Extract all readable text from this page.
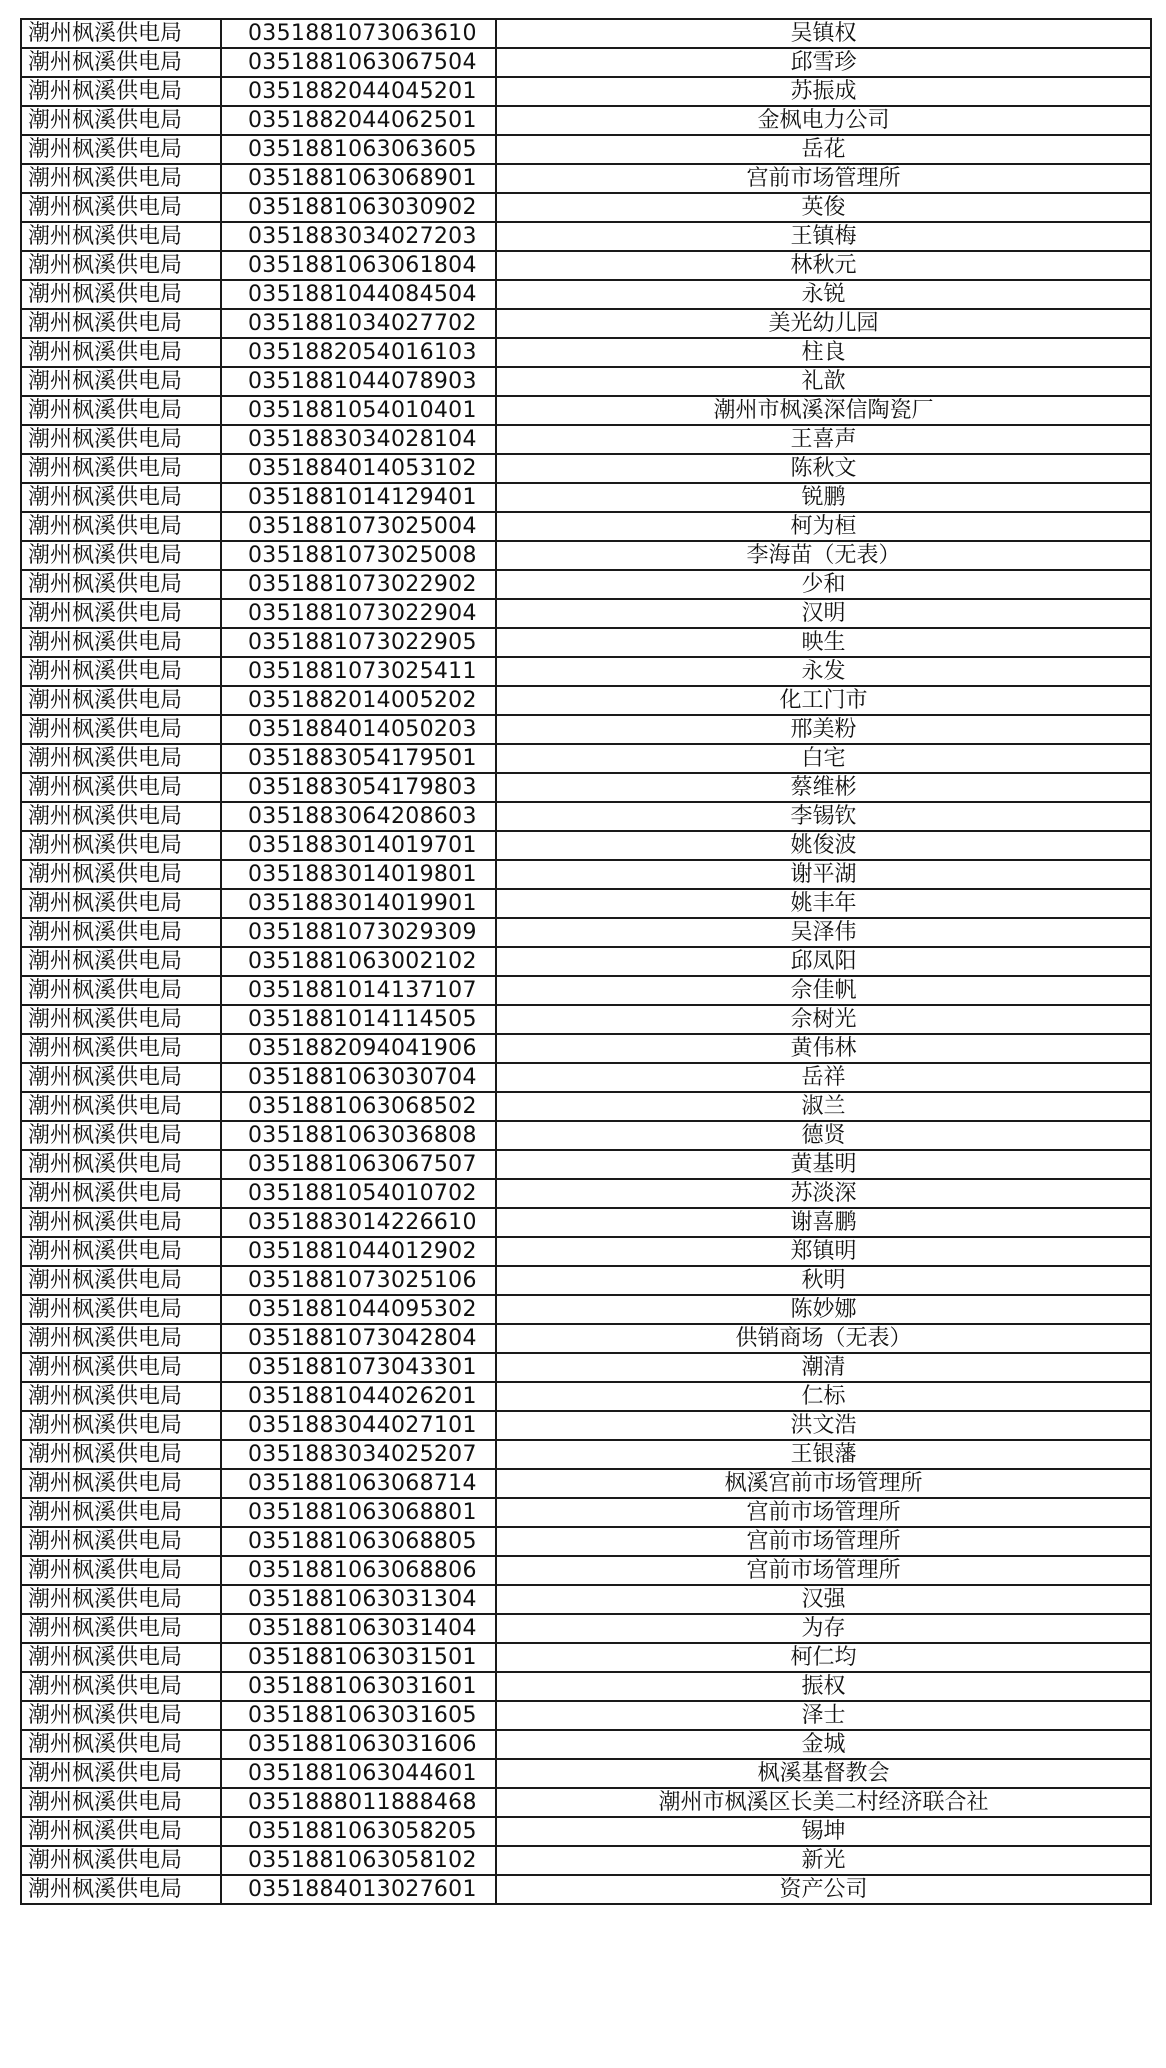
潮州枫溪供电局	0351881073063610	吴镇权
潮州枫溪供电局	0351881063067504	邱雪珍
潮州枫溪供电局	0351882044045201	苏振成
潮州枫溪供电局	0351882044062501	金枫电力公司
潮州枫溪供电局	0351881063063605	岳花
潮州枫溪供电局	0351881063068901	宫前市场管理所
潮州枫溪供电局	0351881063030902	英俊
潮州枫溪供电局	0351883034027203	王镇梅
潮州枫溪供电局	0351881063061804	林秋元
潮州枫溪供电局	0351881044084504	永锐
潮州枫溪供电局	0351881034027702	美光幼儿园
潮州枫溪供电局	0351882054016103	柱良
潮州枫溪供电局	0351881044078903	礼歆
潮州枫溪供电局	0351881054010401	潮州市枫溪深信陶瓷厂
潮州枫溪供电局	0351883034028104	王喜声
潮州枫溪供电局	0351884014053102	陈秋文
潮州枫溪供电局	0351881014129401	锐鹏
潮州枫溪供电局	0351881073025004	柯为桓
潮州枫溪供电局	0351881073025008	李海苗（无表）
潮州枫溪供电局	0351881073022902	少和
潮州枫溪供电局	0351881073022904	汉明
潮州枫溪供电局	0351881073022905	映生
潮州枫溪供电局	0351881073025411	永发
潮州枫溪供电局	0351882014005202	化工门市
潮州枫溪供电局	0351884014050203	邢美粉
潮州枫溪供电局	0351883054179501	白宅
潮州枫溪供电局	0351883054179803	蔡维彬
潮州枫溪供电局	0351883064208603	李锡钦
潮州枫溪供电局	0351883014019701	姚俊波
潮州枫溪供电局	0351883014019801	谢平湖
潮州枫溪供电局	0351883014019901	姚丰年
潮州枫溪供电局	0351881073029309	吴泽伟
潮州枫溪供电局	0351881063002102	邱凤阳
潮州枫溪供电局	0351881014137107	佘佳帆
潮州枫溪供电局	0351881014114505	佘树光
潮州枫溪供电局	0351882094041906	黄伟林
潮州枫溪供电局	0351881063030704	岳祥
潮州枫溪供电局	0351881063068502	淑兰
潮州枫溪供电局	0351881063036808	德贤
潮州枫溪供电局	0351881063067507	黄基明
潮州枫溪供电局	0351881054010702	苏淡深
潮州枫溪供电局	0351883014226610	谢喜鹏
潮州枫溪供电局	0351881044012902	郑镇明
潮州枫溪供电局	0351881073025106	秋明
潮州枫溪供电局	0351881044095302	陈妙娜
潮州枫溪供电局	0351881073042804	供销商场（无表）
潮州枫溪供电局	0351881073043301	潮清
潮州枫溪供电局	0351881044026201	仁标
潮州枫溪供电局	0351883044027101	洪文浩
潮州枫溪供电局	0351883034025207	王银藩
潮州枫溪供电局	0351881063068714	枫溪宫前市场管理所
潮州枫溪供电局	0351881063068801	宫前市场管理所
潮州枫溪供电局	0351881063068805	宫前市场管理所
潮州枫溪供电局	0351881063068806	宫前市场管理所
潮州枫溪供电局	0351881063031304	汉强
潮州枫溪供电局	0351881063031404	为存
潮州枫溪供电局	0351881063031501	柯仁均
潮州枫溪供电局	0351881063031601	振权
潮州枫溪供电局	0351881063031605	泽士
潮州枫溪供电局	0351881063031606	金城
潮州枫溪供电局	0351881063044601	枫溪基督教会
潮州枫溪供电局	0351888011888468	潮州市枫溪区长美二村经济联合社
潮州枫溪供电局	0351881063058205	锡坤
潮州枫溪供电局	0351881063058102	新光
潮州枫溪供电局	0351884013027601	资产公司
